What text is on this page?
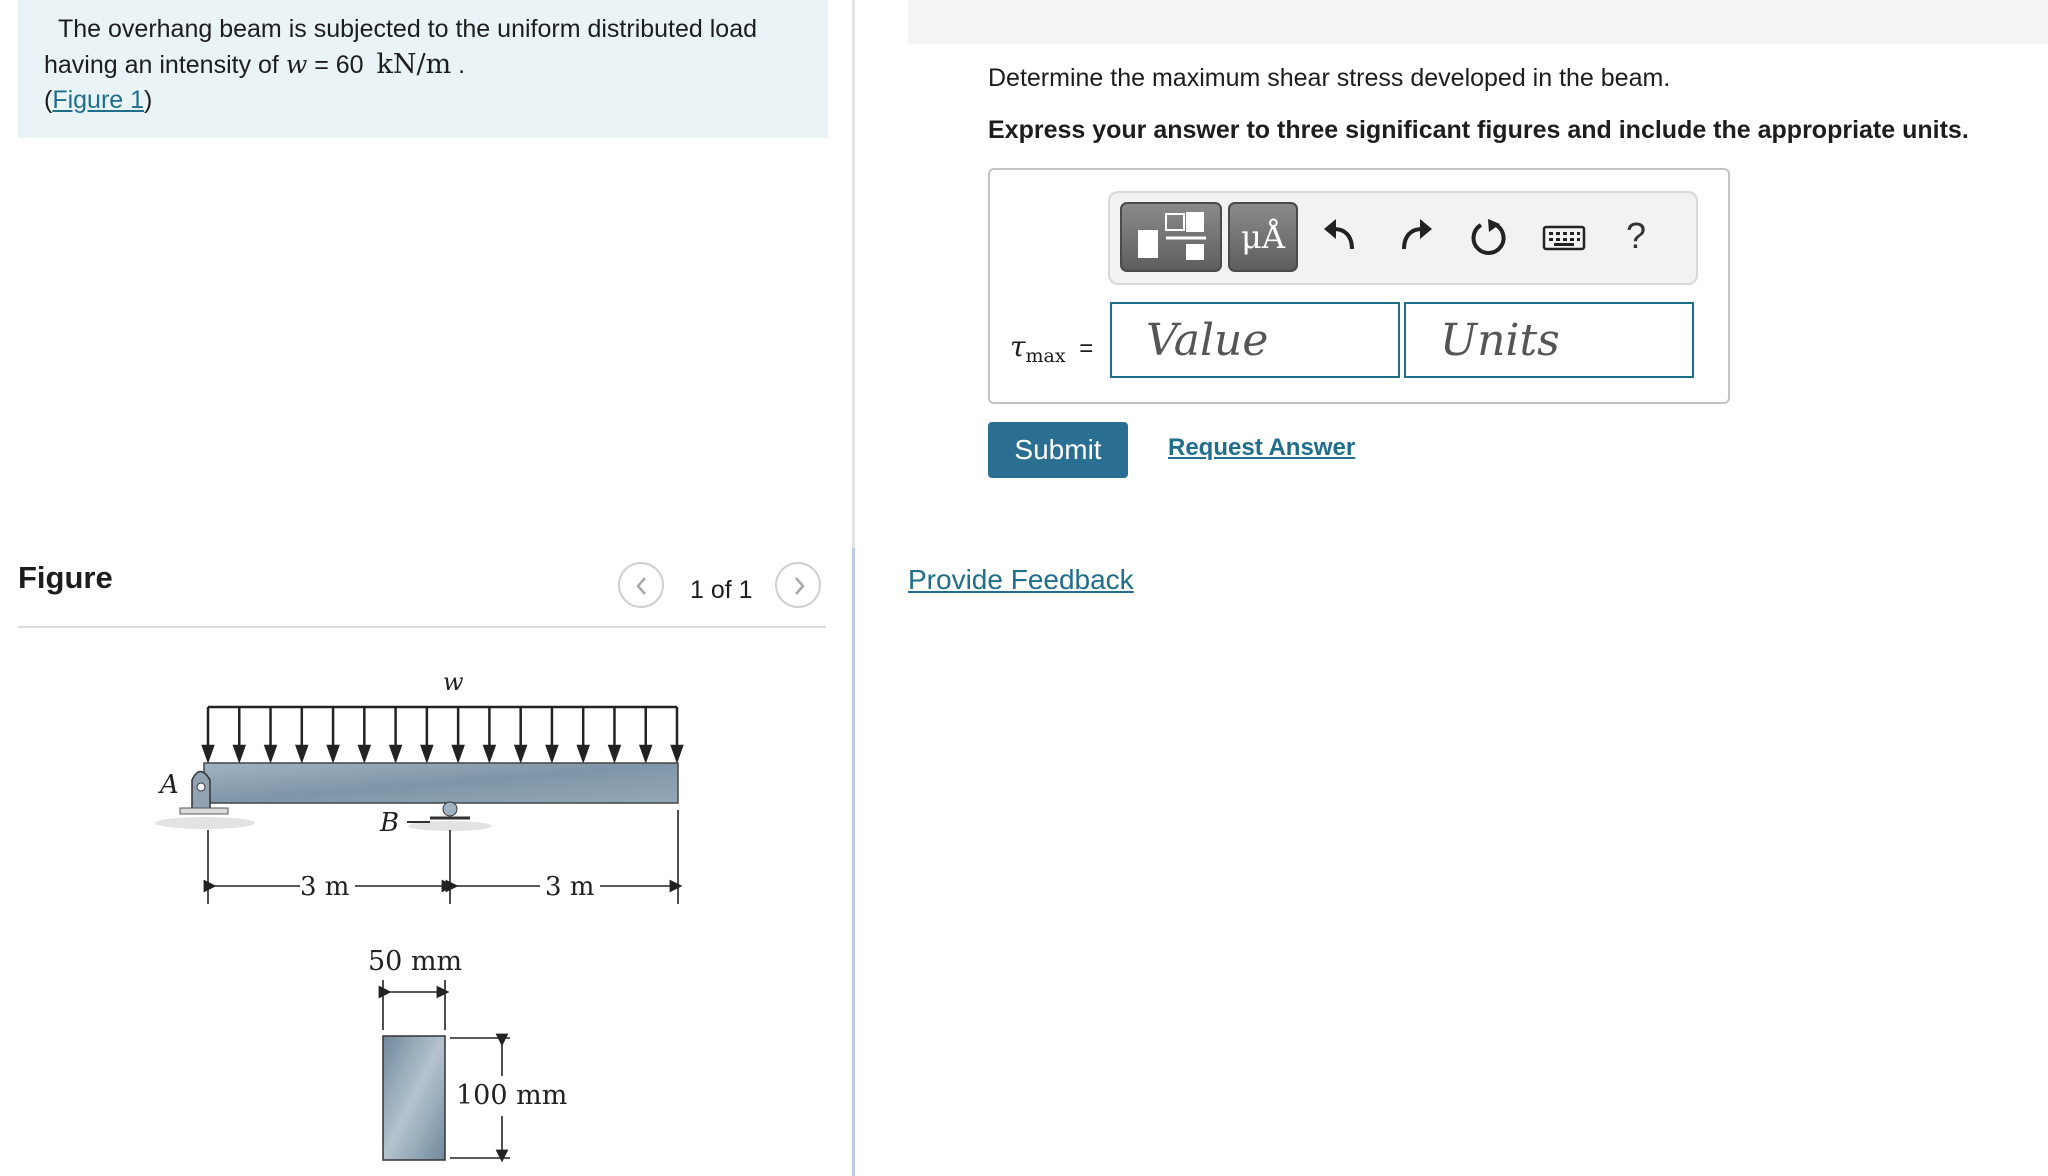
The overhang beam is subjected to the uniform distributed load
having an intensity of w = 60 kN/m .
(Figure 1)
Figure	1 of 1
w
A
B
3 m	3 m
50 mm
100 mm
Determine the maximum shear stress developed in the beam.
Express your answer to three significant figures and include the appropriate units.
μÅ	?
$\tau_{max}$ =
Value
Units
Submit	Request Answer
Provide Feedback
